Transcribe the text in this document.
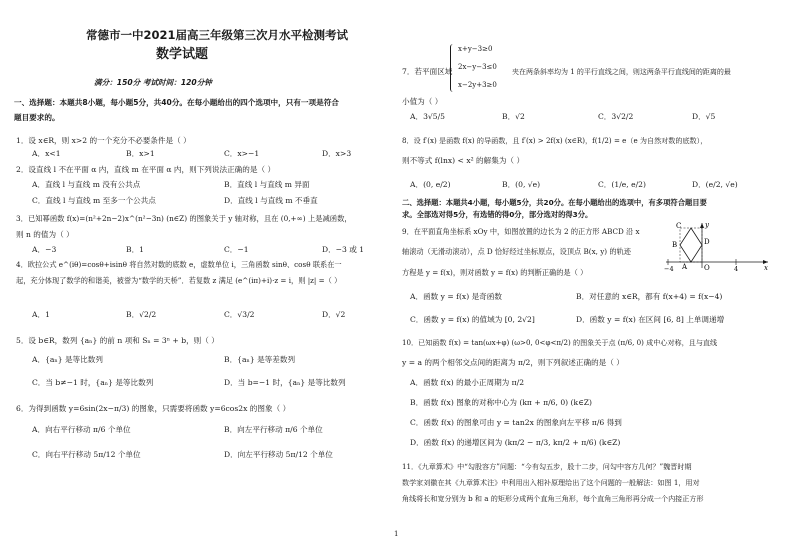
常德市一中2021届高三年级第三次月水平检测考试
数学试题
满分：150分 考试时间：120分钟
一、选择题：本题共8小题，每小题5分，共40分。在每小题给出的四个选项中，只有一项是符合
题目要求的。
1．设 x∈R，则 x>2 的一个充分不必要条件是（ ）
A．x<1	B．x>1	C．x>−1	D．x>3
2．设直线 l 不在平面 α 内，直线 m 在平面 α 内，则下列说法正确的是（ ）
A．直线 l 与直线 m 没有公共点	B．直线 l 与直线 m 异面
C．直线 l 与直线 m 至多一个公共点	D．直线 l 与直线 m 不垂直
3．已知幂函数 f(x)=(n²+2n−2)x^(n²−3n) (n∈Z) 的图象关于 y 轴对称，且在 (0,+∞) 上是减函数，
则 n 的值为（ ）
A．−3	B．1	C．−1	D．−3 或 1
4．欧拉公式 e^(iθ)=cosθ+isinθ 将自然对数的底数 e，虚数单位 i，三角函数 sinθ、cosθ 联系在一
起，充分体现了数学的和谐美，被誉为“数学的天桥”．若复数 z 满足 (e^(iπ)+i)·z = i，则 |z| =（ ）
A．1	B．√2/2	C．√3/2	D．√2
5．设 b∈R，数列 {aₙ} 的前 n 项和 Sₙ = 3ⁿ + b，则（ ）
A．{aₙ} 是等比数列	B．{aₙ} 是等差数列
C．当 b≠−1 时，{aₙ} 是等比数列	D．当 b=−1 时，{aₙ} 是等比数列
6．为得到函数 y=6sin(2x−π/3) 的图象，只需要将函数 y=6cos2x 的图象（ ）
A．向右平行移动 π/6 个单位	B．向左平行移动 π/6 个单位
C．向右平行移动 5π/12 个单位	D．向左平行移动 5π/12 个单位
7．若平面区域
x+y−3≥0
2x−y−3≤0
x−2y+3≥0
夹在两条斜率均为 1 的平行直线之间，则这两条平行直线间的距离的最
小值为（ ）
A．3√5/5	B．√2	C．3√2/2	D．√5
8．设 f′(x) 是函数 f(x) 的导函数，且 f′(x) > 2f(x) (x∈R)，f(1/2) = e（e 为自然对数的底数），
则不等式 f(lnx) < x² 的解集为（ ）
A．(0, e/2)	B．(0, √e)	C．(1/e, e/2)	D．(e/2, √e)
二、选择题：本题共4小题，每小题5分，共20分。在每小题给出的选项中，有多项符合题目要
求。全部选对得5分，有选错的得0分，部分选对的得3分。
9．在平面直角坐标系 xOy 中，如图放置的边长为 2 的正方形 ABCD 沿 x
轴滚动（无滑动滚动），点 D 恰好经过坐标原点，设顶点 B(x, y) 的轨迹
方程是 y = f(x)，则对函数 y = f(x) 的判断正确的是（ ）
C
D
B
A O
−4	4	x
y
A．函数 y = f(x) 是奇函数	B．对任意的 x∈R，都有 f(x+4) = f(x−4)
C．函数 y = f(x) 的值域为 [0, 2√2]	D．函数 y = f(x) 在区间 [6, 8] 上单调递增
10．已知函数 f(x) = tan(ωx+φ) (ω>0, 0<φ<π/2) 的图象关于点 (π/6, 0) 成中心对称，且与直线
y = a 的两个相邻交点间的距离为 π/2，则下列叙述正确的是（ ）
A．函数 f(x) 的最小正周期为 π/2
B．函数 f(x) 图象的对称中心为 (kπ + π/6, 0) (k∈Z)
C．函数 f(x) 的图象可由 y = tan2x 的图象向左平移 π/6 得到
D．函数 f(x) 的递增区间为 (kπ/2 − π/3, kπ/2 + π/6) (k∈Z)
11．《九章算术》中“勾股容方”问题：“今有勾五步，股十二步，问勾中容方几何？”魏晋时期
数学家刘徽在其《九章算术注》中利用出入相补原理给出了这个问题的一般解法：如图 1，用对
角线将长和宽分别为 b 和 a 的矩形分成两个直角三角形，每个直角三角形再分成一个内接正方形
1
